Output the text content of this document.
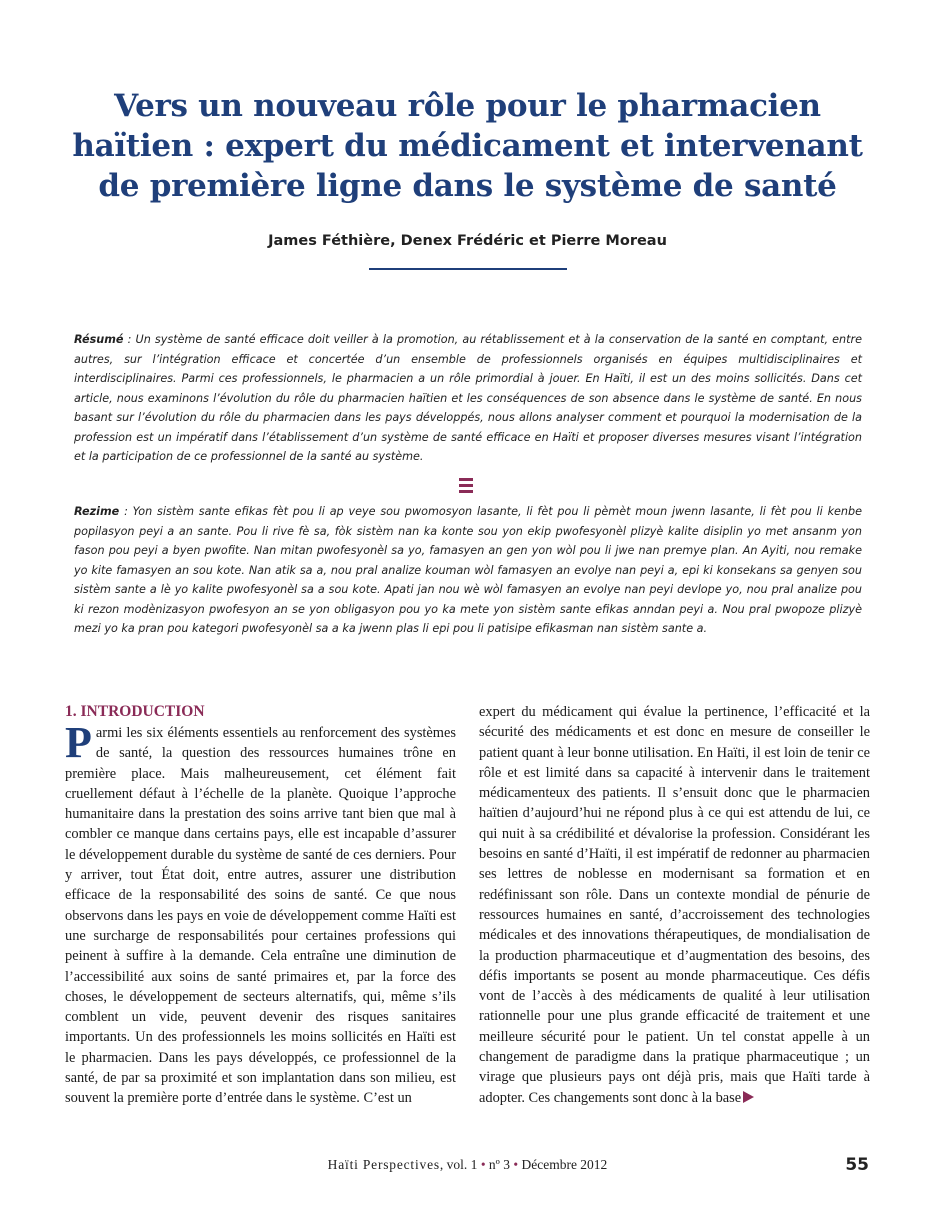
Vers un nouveau rôle pour le pharmacien haïtien : expert du médicament et intervenant de première ligne dans le système de santé
James Féthière, Denex Frédéric et Pierre Moreau

Résumé : Un système de santé efficace doit veiller à la promotion, au rétablissement et à la conservation de la santé en comptant, entre autres, sur l’intégration efficace et concertée d’un ensemble de professionnels organisés en équipes multidisciplinaires et interdisciplinaires. Parmi ces professionnels, le pharmacien a un rôle primordial à jouer. En Haïti, il est un des moins sollicités. Dans cet article, nous examinons l’évolution du rôle du pharmacien haïtien et les conséquences de son absence dans le système de santé. En nous basant sur l’évolution du rôle du pharmacien dans les pays développés, nous allons analyser comment et pourquoi la modernisation de la profession est un impératif dans l’établissement d’un système de santé efficace en Haïti et proposer diverses mesures visant l’intégration et la participation de ce professionnel de la santé au système.

Rezime : Yon sistèm sante efikas fèt pou li ap veye sou pwomosyon lasante, li fèt pou li pèmèt moun jwenn lasante, li fèt pou li kenbe popilasyon peyi a an sante. Pou li rive fè sa, fòk sistèm nan ka konte sou yon ekip pwofesyonèl plizyè kalite disiplin yo met ansanm yon fason pou peyi a byen pwofite. Nan mitan pwofesyonèl sa yo, famasyen an gen yon wòl pou li jwe nan premye plan. An Ayiti, nou remake yo kite famasyen an sou kote. Nan atik sa a, nou pral analize kouman wòl famasyen an evolye nan peyi a, epi ki konsekans sa genyen sou sistèm sante a lè yo kalite pwofesyonèl sa a sou kote. Apati jan nou wè wòl famasyen an evolye nan peyi devlope yo, nou pral analize pou ki rezon modènizasyon pwofesyon an se yon obligasyon pou yo ka mete yon sistèm sante efikas anndan peyi a. Nou pral pwopoze plizyè mezi yo ka pran pou kategori pwofesyonèl sa a ka jwenn plas li epi pou li patisipe efikasman nan sistèm sante a.

1. INTRODUCTION

Parmi les six éléments essentiels au renforcement des systèmes de santé, la question des ressources humaines trône en première place. Mais malheureusement, cet élément fait cruellement défaut à l’échelle de la planète. Quoique l’approche humanitaire dans la prestation des soins arrive tant bien que mal à combler ce manque dans certains pays, elle est incapable d’assurer le développement durable du système de santé de ces derniers. Pour y arriver, tout État doit, entre autres, assurer une distribution efficace de la responsabilité des soins de santé. Ce que nous observons dans les pays en voie de développement comme Haïti est une surcharge de responsabilités pour certaines professions qui peinent à suffire à la demande. Cela entraîne une diminution de l’accessibilité aux soins de santé primaires et, par la force des choses, le développement de secteurs alternatifs, qui, même s’ils comblent un vide, peuvent devenir des risques sanitaires importants. Un des professionnels les moins sollicités en Haïti est le pharmacien. Dans les pays développés, ce professionnel de la santé, de par sa proximité et son implantation dans son milieu, est souvent la première porte d’entrée dans le système. C’est un

expert du médicament qui évalue la pertinence, l’efficacité et la sécurité des médicaments et est donc en mesure de conseiller le patient quant à leur bonne utilisation. En Haïti, il est loin de tenir ce rôle et est limité dans sa capacité à intervenir dans le traitement médicamenteux des patients. Il s’ensuit donc que le pharmacien haïtien d’aujourd’hui ne répond plus à ce qui est attendu de lui, ce qui nuit à sa crédibilité et dévalorise la profession. Considérant les besoins en santé d’Haïti, il est impératif de redonner au pharmacien ses lettres de noblesse en modernisant sa formation et en redéfinissant son rôle. Dans un contexte mondial de pénurie de ressources humaines en santé, d’accroissement des technologies médicales et des innovations thérapeutiques, de mondialisation de la production pharmaceutique et d’augmentation des besoins, des défis importants se posent au monde pharmaceutique. Ces défis vont de l’accès à des médicaments de qualité à leur utilisation rationnelle pour une plus grande efficacité de traitement et une meilleure sécurité pour le patient. Un tel constat appelle à un changement de paradigme dans la pratique pharmaceutique ; un virage que plusieurs pays ont déjà pris, mais que Haïti tarde à adopter. Ces changements sont donc à la base

Haïti Perspectives, vol. 1 • nº 3 • Décembre 2012	55
